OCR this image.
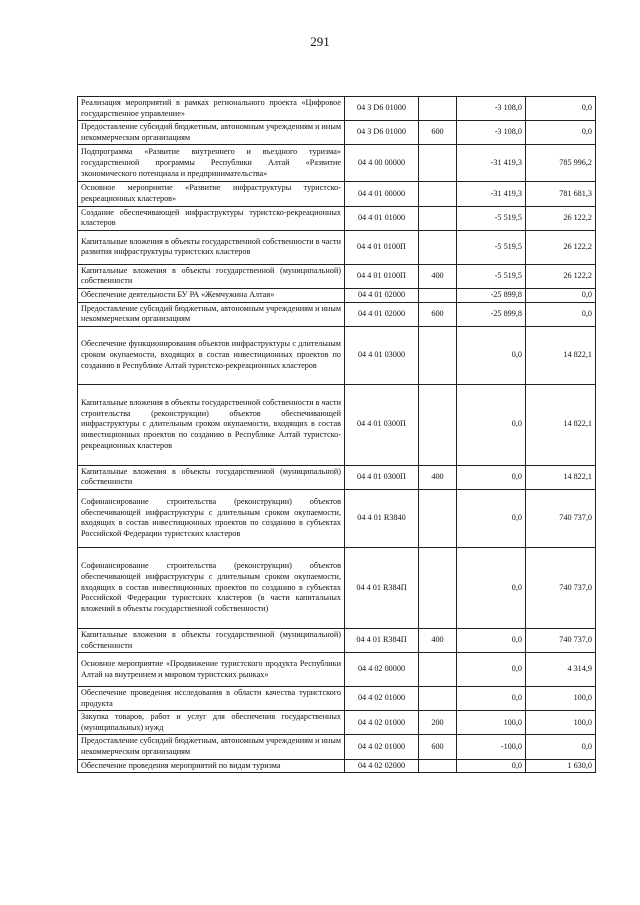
291
Реализация мероприятий в рамках регионального проекта «Цифровое государственное управление»	04 3 D6 01000		-3 108,0	0,0
Предоставление субсидий бюджетным, автономным учреждениям и иным некоммерческим организациям	04 3 D6 01000	600	-3 108,0	0,0
Подпрограмма «Развитие внутреннего и въездного туризма» государственной программы Республики Алтай «Развитие экономического потенциала и предпринимательства»	04 4 00 00000		-31 419,3	785 996,2
Основное мероприятие «Развитие инфраструктуры туристско-рекреационных кластеров»	04 4 01 00000		-31 419,3	781 681,3
Создание обеспечивающей инфраструктуры туристско-рекреационных кластеров	04 4 01 01000		-5 519,5	26 122,2
Капитальные вложения в объекты государственной собственности в части развития инфраструктуры туристских кластеров	04 4 01 0100П		-5 519,5	26 122,2
Капитальные вложения в объекты государственной (муниципальной) собственности	04 4 01 0100П	400	-5 519,5	26 122,2
Обеспечение деятельности БУ РА «Жемчужина Алтая»	04 4 01 02000		-25 899,8	0,0
Предоставление субсидий бюджетным, автономным учреждениям и иным некоммерческим организациям	04 4 01 02000	600	-25 899,8	0,0
Обеспечение функционирования объектов инфраструктуры с длительным сроком окупаемости, входящих в состав инвестиционных проектов по созданию в Республике Алтай туристско-рекреационных кластеров	04 4 01 03000		0,0	14 822,1
Капитальные вложения в объекты государственной собственности в части строительства (реконструкции) объектов обеспечивающей инфраструктуры с длительным сроком окупаемости, входящих в состав инвестиционных проектов по созданию в Республике Алтай туристско-рекреационных кластеров	04 4 01 0300П		0,0	14 822,1
Капитальные вложения в объекты государственной (муниципальной) собственности	04 4 01 0300П	400	0,0	14 822,1
Софинансирование строительства (реконструкции) объектов обеспечивающей инфраструктуры с длительным сроком окупаемости, входящих в состав инвестиционных проектов по созданию в субъектах Российской Федерации туристских кластеров	04 4 01 R3840		0,0	740 737,0
Софинансирование строительства (реконструкции) объектов обеспечивающей инфраструктуры с длительным сроком окупаемости, входящих в состав инвестиционных проектов по созданию в субъектах Российской Федерации туристских кластеров (в части капитальных вложений в объекты государственной собственности)	04 4 01 R384П		0,0	740 737,0
Капитальные вложения в объекты государственной (муниципальной) собственности	04 4 01 R384П	400	0,0	740 737,0
Основное мероприятие «Продвижение туристского продукта Республики Алтай на внутреннем и мировом туристских рынках»	04 4 02 00000		0,0	4 314,9
Обеспечение проведения исследования в области качества туристского продукта	04 4 02 01000		0,0	100,0
Закупка товаров, работ и услуг для обеспечения государственных (муниципальных) нужд	04 4 02 01000	200	100,0	100,0
Предоставление субсидий бюджетным, автономным учреждениям и иным некоммерческим организациям	04 4 02 01000	600	-100,0	0,0
Обеспечение проведения мероприятий по видам туризма	04 4 02 02000		0,0	1 630,0
